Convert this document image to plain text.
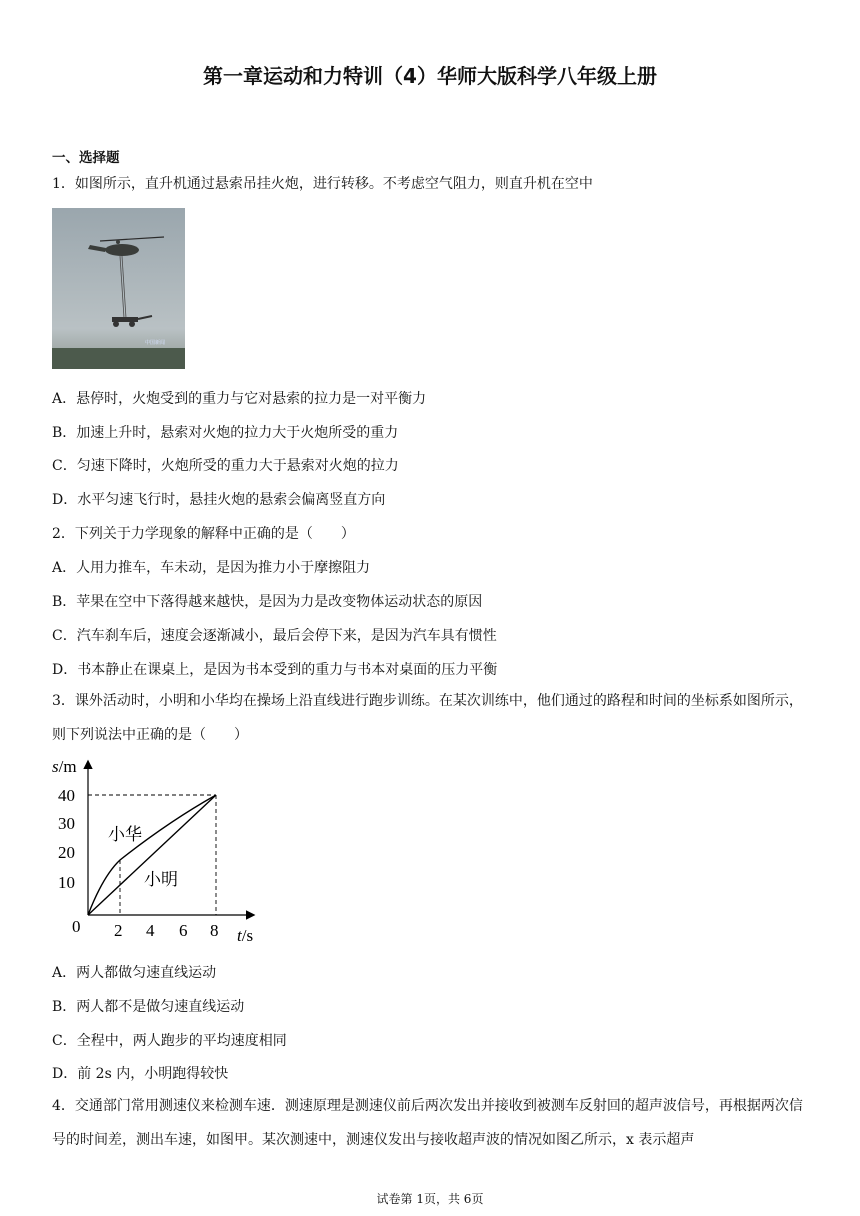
第一章运动和力特训（4）华师大版科学八年级上册
一、选择题
1．如图所示，直升机通过悬索吊挂火炮，进行转移。不考虑空气阻力，则直升机在空中
中国新闻
A．悬停时，火炮受到的重力与它对悬索的拉力是一对平衡力
B．加速上升时，悬索对火炮的拉力大于火炮所受的重力
C．匀速下降时，火炮所受的重力大于悬索对火炮的拉力
D．水平匀速飞行时，悬挂火炮的悬索会偏离竖直方向
2．下列关于力学现象的解释中正确的是（　　）
A．人用力推车，车未动，是因为推力小于摩擦阻力
B．苹果在空中下落得越来越快，是因为力是改变物体运动状态的原因
C．汽车刹车后，速度会逐渐减小，最后会停下来，是因为汽车具有惯性
D．书本静止在课桌上，是因为书本受到的重力与书本对桌面的压力平衡
3．课外活动时，小明和小华均在操场上沿直线进行跑步训练。在某次训练中，他们通过的路程和时间的坐标系如图所示，则下列说法中正确的是（　　）
小华
小明
10
20
30
40
0 2 4 6 8
s/m
t/s
A．两人都做匀速直线运动
B．两人都不是做匀速直线运动
C．全程中，两人跑步的平均速度相同
D．前 2s 内，小明跑得较快
4．交通部门常用测速仪来检测车速．测速原理是测速仪前后两次发出并接收到被测车反射回的超声波信号，再根据两次信号的时间差，测出车速，如图甲。某次测速中，测速仪发出与接收超声波的情况如图乙所示，x 表示超声
试卷第 1页，共 6页
